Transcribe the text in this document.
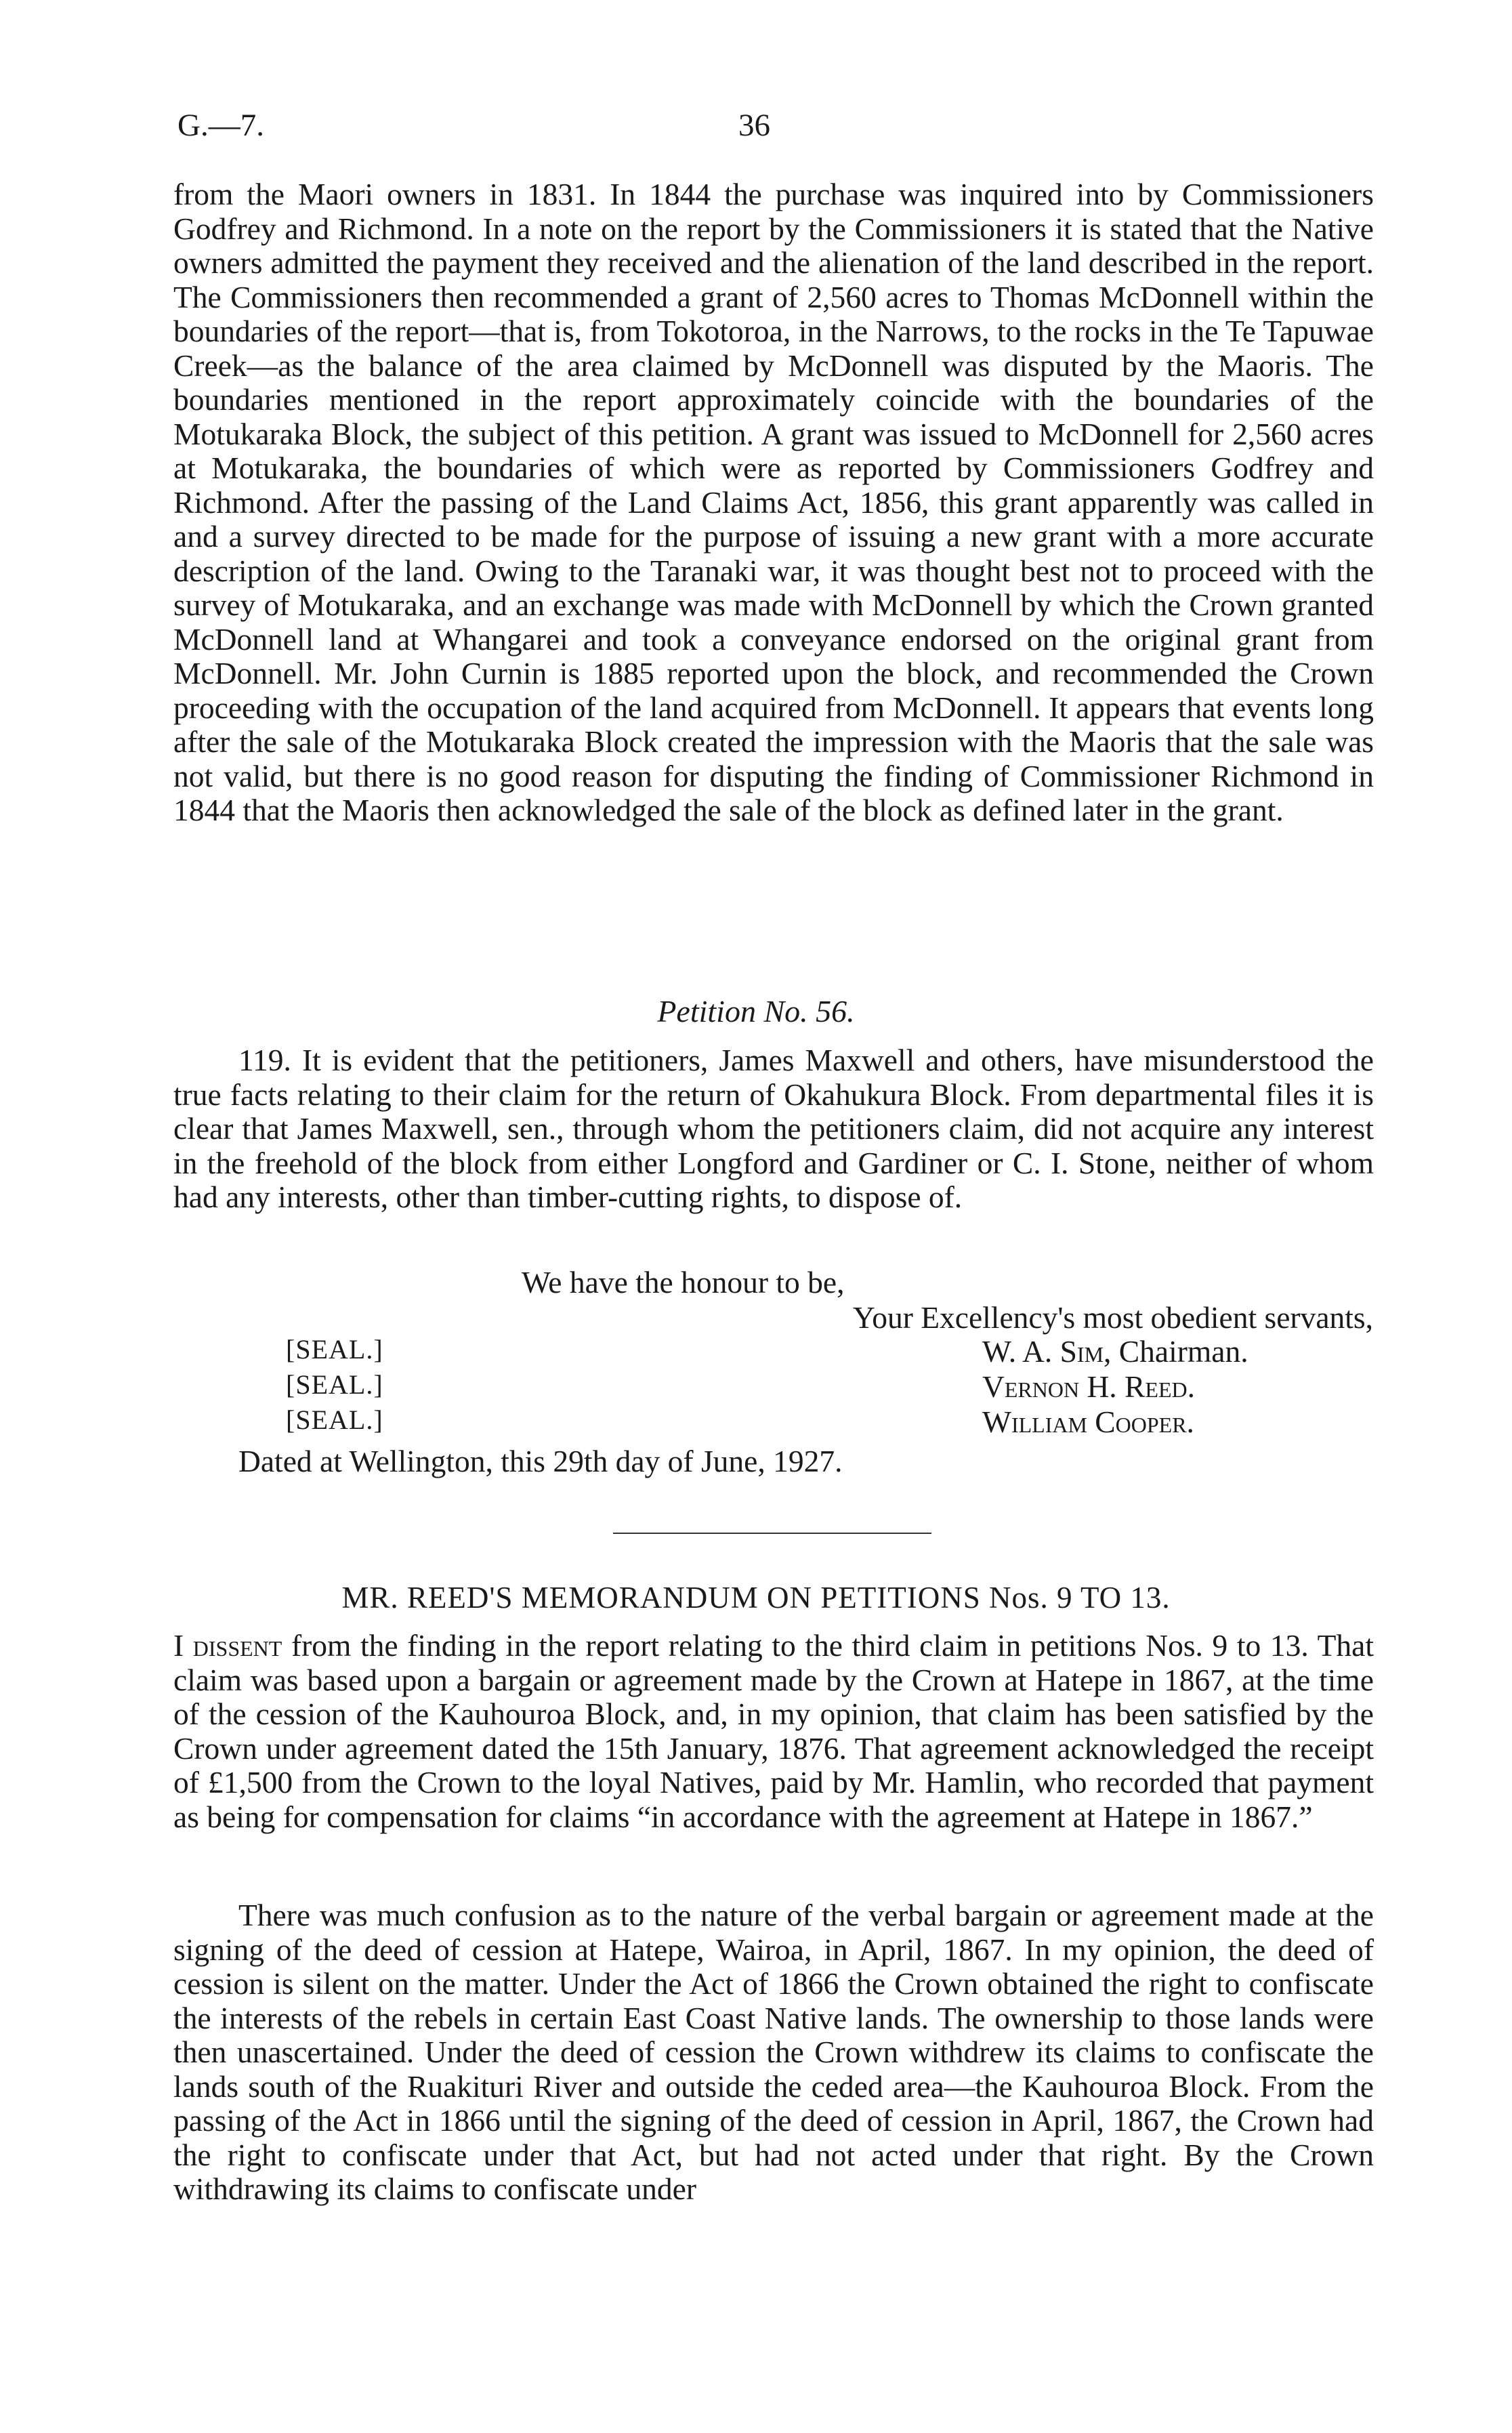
G.—7.	36

from the Maori owners in 1831. In 1844 the purchase was inquired into by Commissioners Godfrey and Richmond. In a note on the report by the Commissioners it is stated that the Native owners admitted the payment they received and the alienation of the land described in the report. The Commissioners then recommended a grant of 2,560 acres to Thomas McDonnell within the boundaries of the report—that is, from Tokotoroa, in the Narrows, to the rocks in the Te Tapuwae Creek—as the balance of the area claimed by McDonnell was disputed by the Maoris. The boundaries mentioned in the report approximately coincide with the boundaries of the Motukaraka Block, the subject of this petition. A grant was issued to McDonnell for 2,560 acres at Motukaraka, the boundaries of which were as reported by Commissioners Godfrey and Richmond. After the passing of the Land Claims Act, 1856, this grant apparently was called in and a survey directed to be made for the purpose of issuing a new grant with a more accurate description of the land. Owing to the Taranaki war, it was thought best not to proceed with the survey of Motukaraka, and an exchange was made with McDonnell by which the Crown granted McDonnell land at Whangarei and took a conveyance endorsed on the original grant from McDonnell. Mr. John Curnin is 1885 reported upon the block, and recommended the Crown proceeding with the occupation of the land acquired from McDonnell. It appears that events long after the sale of the Motukaraka Block created the impression with the Maoris that the sale was not valid, but there is no good reason for disputing the finding of Commissioner Richmond in 1844 that the Maoris then acknowledged the sale of the block as defined later in the grant.

Petition No. 56.

119. It is evident that the petitioners, James Maxwell and others, have misunderstood the true facts relating to their claim for the return of Okahukura Block. From departmental files it is clear that James Maxwell, sen., through whom the petitioners claim, did not acquire any interest in the freehold of the block from either Longford and Gardiner or C. I. Stone, neither of whom had any interests, other than timber-cutting rights, to dispose of.

We have the honour to be,
Your Excellency's most obedient servants,
[SEAL.]
[SEAL.]
[SEAL.]
W. A. Sim, Chairman.
Vernon H. Reed.
William Cooper.
Dated at Wellington, this 29th day of June, 1927.
MR. REED'S MEMORANDUM ON PETITIONS Nos. 9 TO 13.

I dissent from the finding in the report relating to the third claim in petitions Nos. 9 to 13. That claim was based upon a bargain or agreement made by the Crown at Hatepe in 1867, at the time of the cession of the Kauhouroa Block, and, in my opinion, that claim has been satisfied by the Crown under agreement dated the 15th January, 1876. That agreement acknowledged the receipt of £1,500 from the Crown to the loyal Natives, paid by Mr. Hamlin, who recorded that payment as being for compensation for claims “in accordance with the agreement at Hatepe in 1867.”

There was much confusion as to the nature of the verbal bargain or agreement made at the signing of the deed of cession at Hatepe, Wairoa, in April, 1867. In my opinion, the deed of cession is silent on the matter. Under the Act of 1866 the Crown obtained the right to confiscate the interests of the rebels in certain East Coast Native lands. The ownership to those lands were then unascertained. Under the deed of cession the Crown withdrew its claims to confiscate the lands south of the Ruakituri River and outside the ceded area—the Kauhouroa Block. From the passing of the Act in 1866 until the signing of the deed of cession in April, 1867, the Crown had the right to confiscate under that Act, but had not acted under that right. By the Crown withdrawing its claims to confiscate under
